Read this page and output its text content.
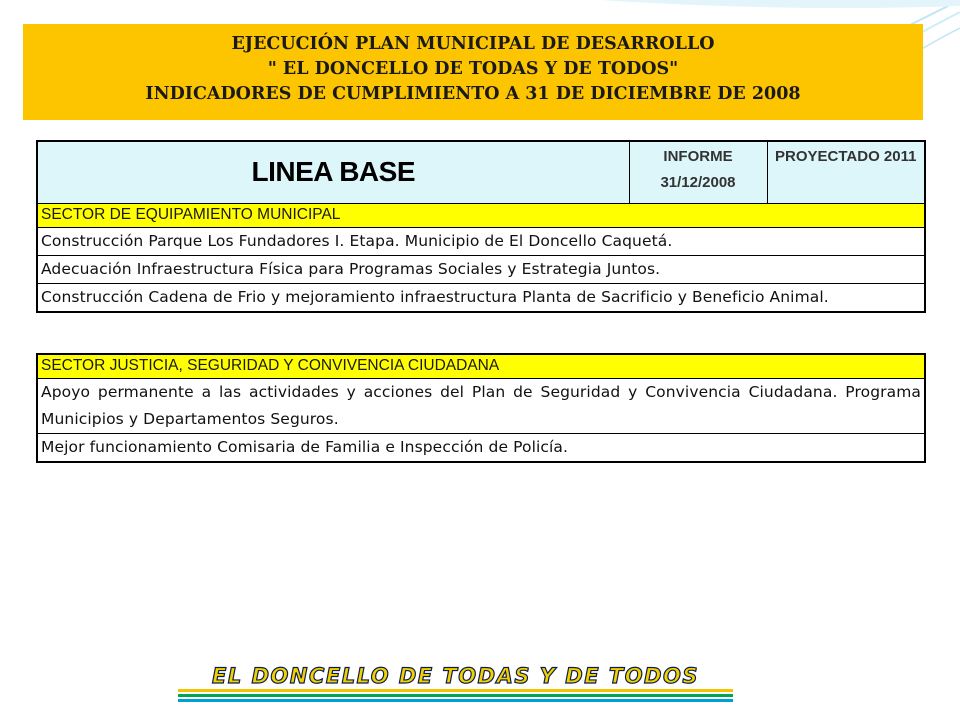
EJECUCIÓN PLAN MUNICIPAL DE DESARROLLO
" EL DONCELLO DE TODAS Y DE TODOS"
INDICADORES DE CUMPLIMIENTO A 31 DE DICIEMBRE DE 2008
LINEA BASE	INFORME 31/12/2008	PROYECTADO 2011
SECTOR DE EQUIPAMIENTO MUNICIPAL
Construcción Parque Los Fundadores I. Etapa. Municipio de El Doncello Caquetá.
Adecuación Infraestructura Física para Programas Sociales y Estrategia Juntos.
Construcción Cadena de Frio y mejoramiento infraestructura Planta de Sacrificio y Beneficio Animal.
SECTOR JUSTICIA, SEGURIDAD Y CONVIVENCIA CIUDADANA
Apoyo permanente a las actividades y acciones del Plan de Seguridad y Convivencia Ciudadana. Programa Municipios y Departamentos Seguros.
Mejor funcionamiento Comisaria de Familia e Inspección de Policía.
EL DONCELLO DE TODAS Y DE TODOS
